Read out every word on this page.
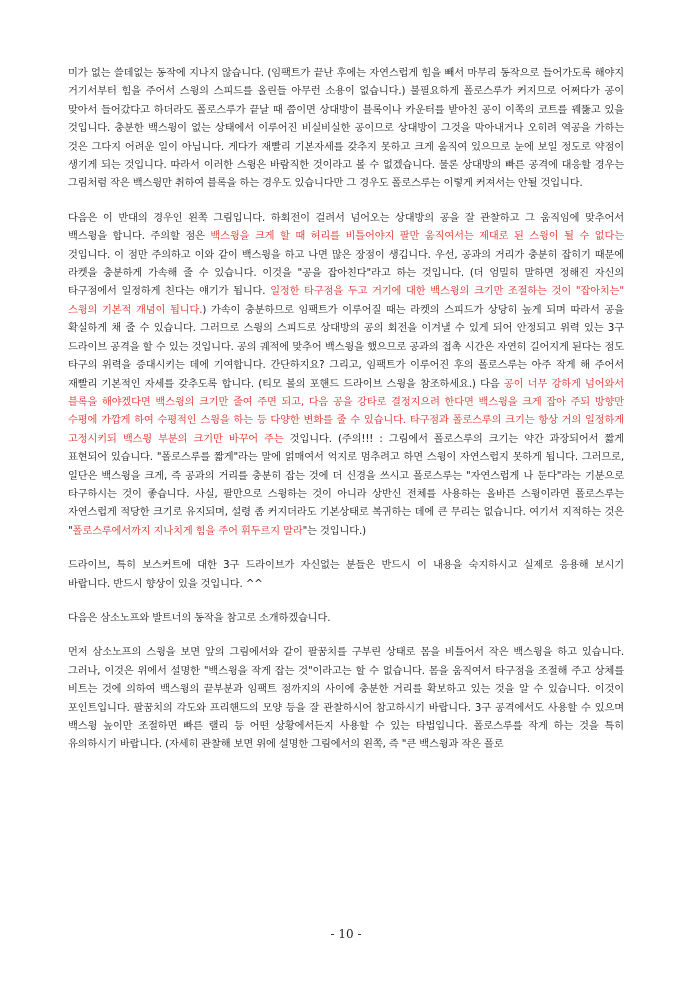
미가 없는 쓸데없는 동작에 지나지 않습니다. (임팩트가 끝난 후에는 자연스럽게 힘을 빼서 마무리 동작으로 들어가도록 해야지 거기서부터 힘을 주어서 스윙의 스피드를 올린들 아무런 소용이 없습니다.) 불필요하게 폴로스루가 커지므로 어쩌다가 공이 맞아서 들어갔다고 하더라도 폴로스루가 끝날 때 쯤이면 상대방이 블록이나 카운터를 받아친 공이 이쪽의 코트를 꿰뚫고 있을 것입니다. 충분한 백스윙이 없는 상태에서 이루어진 비실비실한 공이므로 상대방이 그것을 막아내거나 오히려 역공을 가하는 것은 그다지 어려운 일이 아닙니다. 게다가 재빨리 기본자세를 갖추지 못하고 크게 움직여 있으므로 눈에 보일 정도로 약점이 생기게 되는 것입니다. 따라서 이러한 스윙은 바람직한 것이라고 볼 수 없겠습니다. 물론 상대방의 빠른 공격에 대응할 경우는 그림처럼 작은 백스윙만 취하여 블록을 하는 경우도 있습니다만 그 경우도 폴로스루는 이렇게 커져서는 안될 것입니다.

다음은 이 반대의 경우인 왼쪽 그림입니다. 하회전이 걸려서 넘어오는 상대방의 공을 잘 관찰하고 그 움직임에 맞추어서 백스윙을 합니다. 주의할 점은 백스윙을 크게 할 때 허리를 비틀어야지 팔만 움직여서는 제대로 된 스윙이 될 수 없다는 것입니다. 이 점만 주의하고 이와 같이 백스윙을 하고 나면 많은 장점이 생깁니다. 우선, 공과의 거리가 충분히 잡히기 때문에 라켓을 충분하게 가속해 줄 수 있습니다. 이것을 "공을 잡아친다"라고 하는 것입니다. (더 엄밀히 말하면 정해진 자신의 타구점에서 일정하게 친다는 얘기가 됩니다. 일정한 타구점을 두고 거기에 대한 백스윙의 크기만 조절하는 것이 "잡아치는" 스윙의 기본적 개념이 됩니다.) 가속이 충분하므로 임팩트가 이루어질 때는 라켓의 스피드가 상당히 높게 되며 따라서 공을 확실하게 채 줄 수 있습니다. 그러므로 스윙의 스피드로 상대방의 공의 회전을 이겨낼 수 있게 되어 안정되고 위력 있는 3구 드라이브 공격을 할 수 있는 것입니다. 공의 궤적에 맞추어 백스윙을 했으므로 공과의 접촉 시간은 자연히 길어지게 된다는 점도 타구의 위력을 증대시키는 데에 기여합니다. 간단하지요? 그리고, 임팩트가 이루어진 후의 폴로스루는 아주 작게 해 주어서 재빨리 기본적인 자세를 갖추도록 합니다. (티모 볼의 포핸드 드라이브 스윙을 참조하세요.) 다음 공이 너무 강하게 넘어와서 블록을 해야겠다면 백스윙의 크기만 줄여 주면 되고, 다음 공을 강타로 결정지으려 한다면 백스윙을 크게 잡아 주되 방향만 수평에 가깝게 하여 수평적인 스윙을 하는 등 다양한 변화를 줄 수 있습니다. 타구점과 폴로스루의 크기는 항상 거의 일정하게 고정시키되 백스윙 부분의 크기만 바꾸어 주는 것입니다. (주의!!! : 그림에서 폴로스루의 크기는 약간 과장되어서 짧게 표현되어 있습니다. "폴로스루를 짧게"라는 말에 얽매여서 억지로 멈추려고 하면 스윙이 자연스럽지 못하게 됩니다. 그러므로, 일단은 백스윙을 크게, 즉 공과의 거리를 충분히 잡는 것에 더 신경을 쓰시고 폴로스루는 "자연스럽게 나 둔다"라는 기분으로 타구하시는 것이 좋습니다. 사실, 팔만으로 스윙하는 것이 아니라 상반신 전체를 사용하는 올바른 스윙이라면 폴로스루는 자연스럽게 적당한 크기로 유지되며, 설령 좀 커지더라도 기본상태로 복귀하는 데에 큰 무리는 없습니다. 여기서 지적하는 것은 "폴로스루에서까지 지나치게 힘을 주어 휘두르지 말라"는 것입니다.)

드라이브, 특히 보스커트에 대한 3구 드라이브가 자신없는 분들은 반드시 이 내용을 숙지하시고 실제로 응용해 보시기 바랍니다. 반드시 향상이 있을 것입니다. ^^

다음은 삼소노프와 발트너의 동작을 참고로 소개하겠습니다.

먼저 삼소노프의 스윙을 보면 앞의 그림에서와 같이 팔꿈치를 구부린 상태로 몸을 비틀어서 작은 백스윙을 하고 있습니다. 그러나, 이것은 위에서 설명한 "백스윙을 작게 잡는 것"이라고는 할 수 없습니다. 몸을 움직여서 타구점을 조절해 주고 상체를 비트는 것에 의하여 백스윙의 끝부분과 임팩트 점까지의 사이에 충분한 거리를 확보하고 있는 것을 알 수 있습니다. 이것이 포인트입니다. 팔꿈치의 각도와 프리핸드의 모양 등을 잘 관찰하시어 참고하시기 바랍니다. 3구 공격에서도 사용할 수 있으며 백스윙 높이만 조절하면 빠른 랠리 등 어떤 상황에서든지 사용할 수 있는 타법입니다. 폴로스루를 작게 하는 것을 특히 유의하시기 바랍니다. (자세히 관찰해 보면 위에 설명한 그림에서의 왼쪽, 즉 "큰 백스윙과 작은 폴로

- 10 -
